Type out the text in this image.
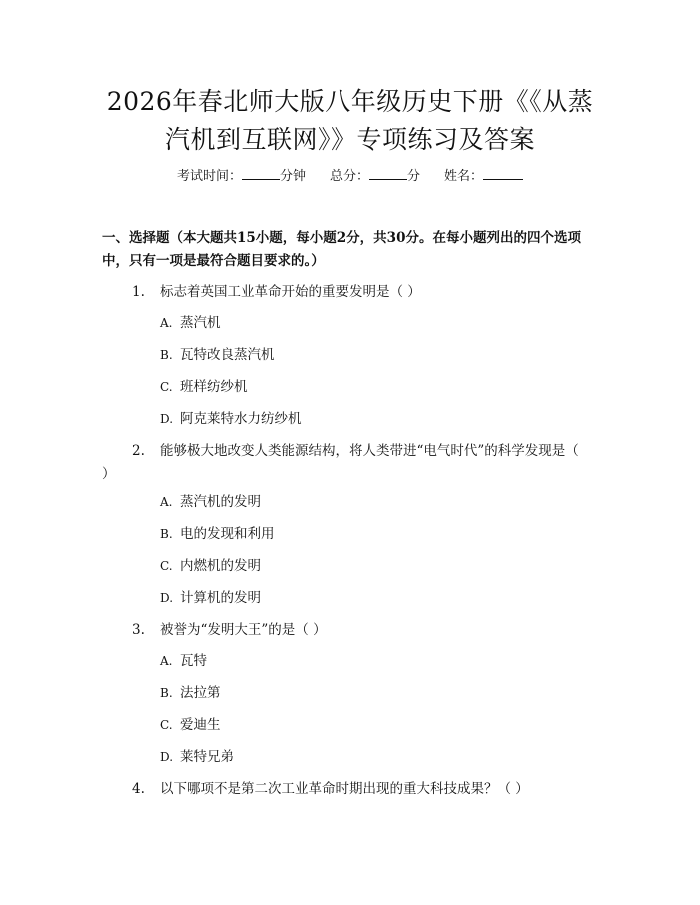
2026年春北师大版八年级历史下册《《从蒸
汽机到互联网》》专项练习及答案
考试时间：	分钟 总分：	分 姓名：
一、选择题（本大题共15小题，每小题2分，共30分。在每小题列出的四个选项中，只有一项是最符合题目要求的。）
1. 标志着英国工业革命开始的重要发明是（ ）
A. 蒸汽机
B. 瓦特改良蒸汽机
C. 班样纺纱机
D. 阿克莱特水力纺纱机
2. 能够极大地改变人类能源结构，将人类带进“电气时代”的科学发现是（ ）
A. 蒸汽机的发明
B. 电的发现和利用
C. 内燃机的发明
D. 计算机的发明
3. 被誉为“发明大王”的是（ ）
A. 瓦特
B. 法拉第
C. 爱迪生
D. 莱特兄弟
4. 以下哪项不是第二次工业革命时期出现的重大科技成果？（ ）
